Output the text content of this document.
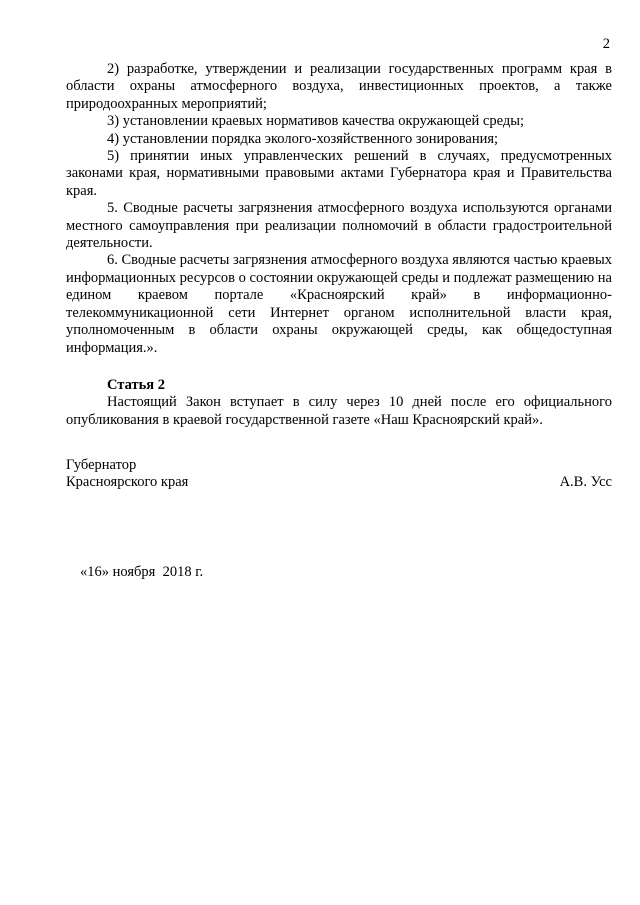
2

2) разработке, утверждении и реализации государственных программ края в области охраны атмосферного воздуха, инвестиционных проектов, а также природоохранных мероприятий;

3) установлении краевых нормативов качества окружающей среды;

4) установлении порядка эколого-хозяйственного зонирования;

5) принятии иных управленческих решений в случаях, предусмотренных законами края, нормативными правовыми актами Губернатора края и Правительства края.

5. Сводные расчеты загрязнения атмосферного воздуха используются органами местного самоуправления при реализации полномочий в области градостроительной деятельности.

6. Сводные расчеты загрязнения атмосферного воздуха являются частью краевых информационных ресурсов о состоянии окружающей среды и подлежат размещению на едином краевом портале «Красноярский край» в информационно-телекоммуникационной сети Интернет органом исполнительной власти края, уполномоченным в области охраны окружающей среды, как общедоступная информация.».

Статья 2

Настоящий Закон вступает в силу через 10 дней после его официального опубликования в краевой государственной газете «Наш Красноярский край».

Губернатор
Красноярского края	А.В. Усс
«16» ноября  2018 г.
